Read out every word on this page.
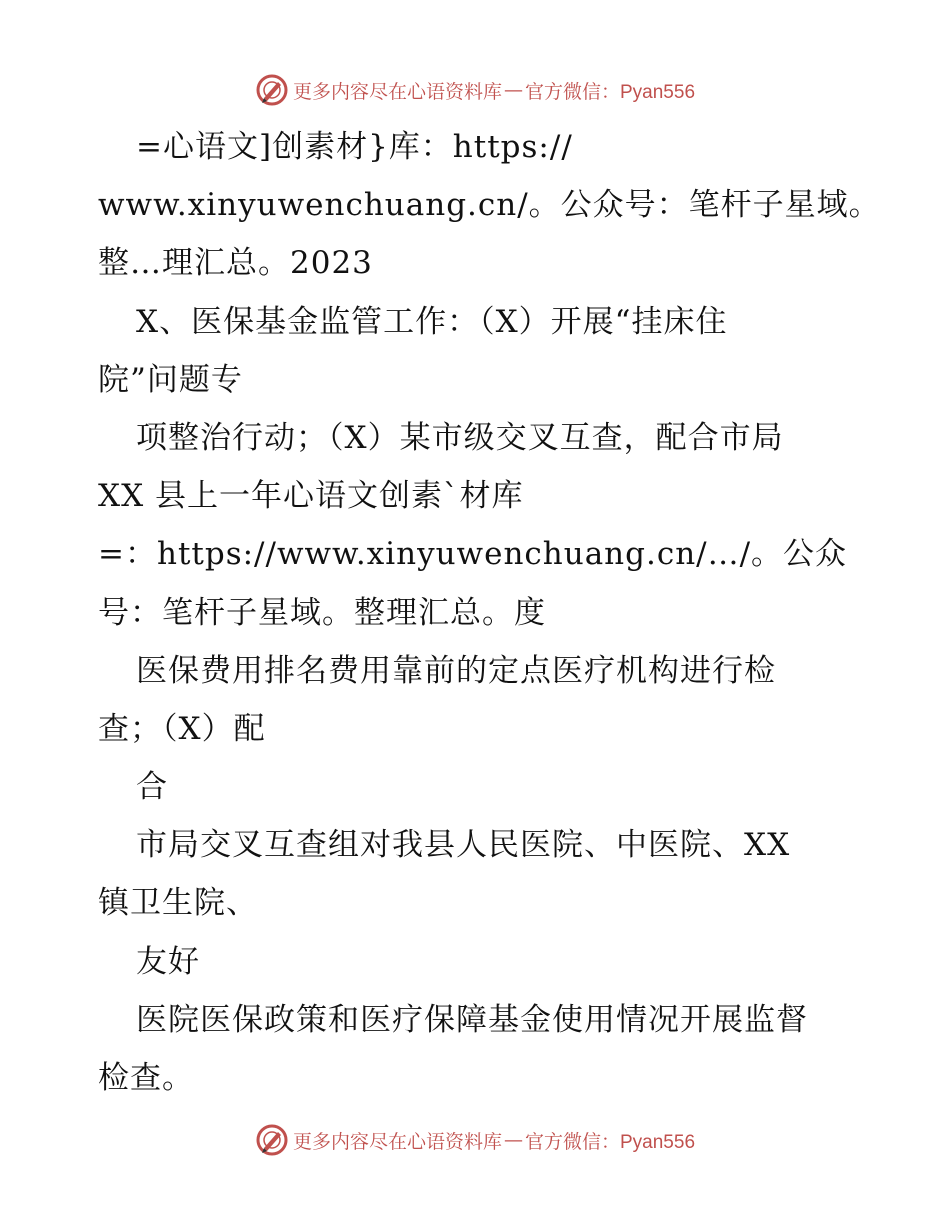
更多内容尽在心语资料库 — 官方微信：Pyan556
=心语文]创素材}库：https://
www.xinyuwenchuang.cn/。公众号：笔杆子星域。
整…理汇总。2023
X、医保基金监管工作：（X）开展“挂床住
院”问题专
项整治行动；（X）某市级交叉互查，配合市局
XX 县上一年心语文创素`材库
=：https://www.xinyuwenchuang.cn/…/。公众
号：笔杆子星域。整理汇总。度
医保费用排名费用靠前的定点医疗机构进行检
查；（X）配
合
市局交叉互查组对我县人民医院、中医院、XX
镇卫生院、
友好
医院医保政策和医疗保障基金使用情况开展监督
检查。
更多内容尽在心语资料库 — 官方微信：Pyan556
